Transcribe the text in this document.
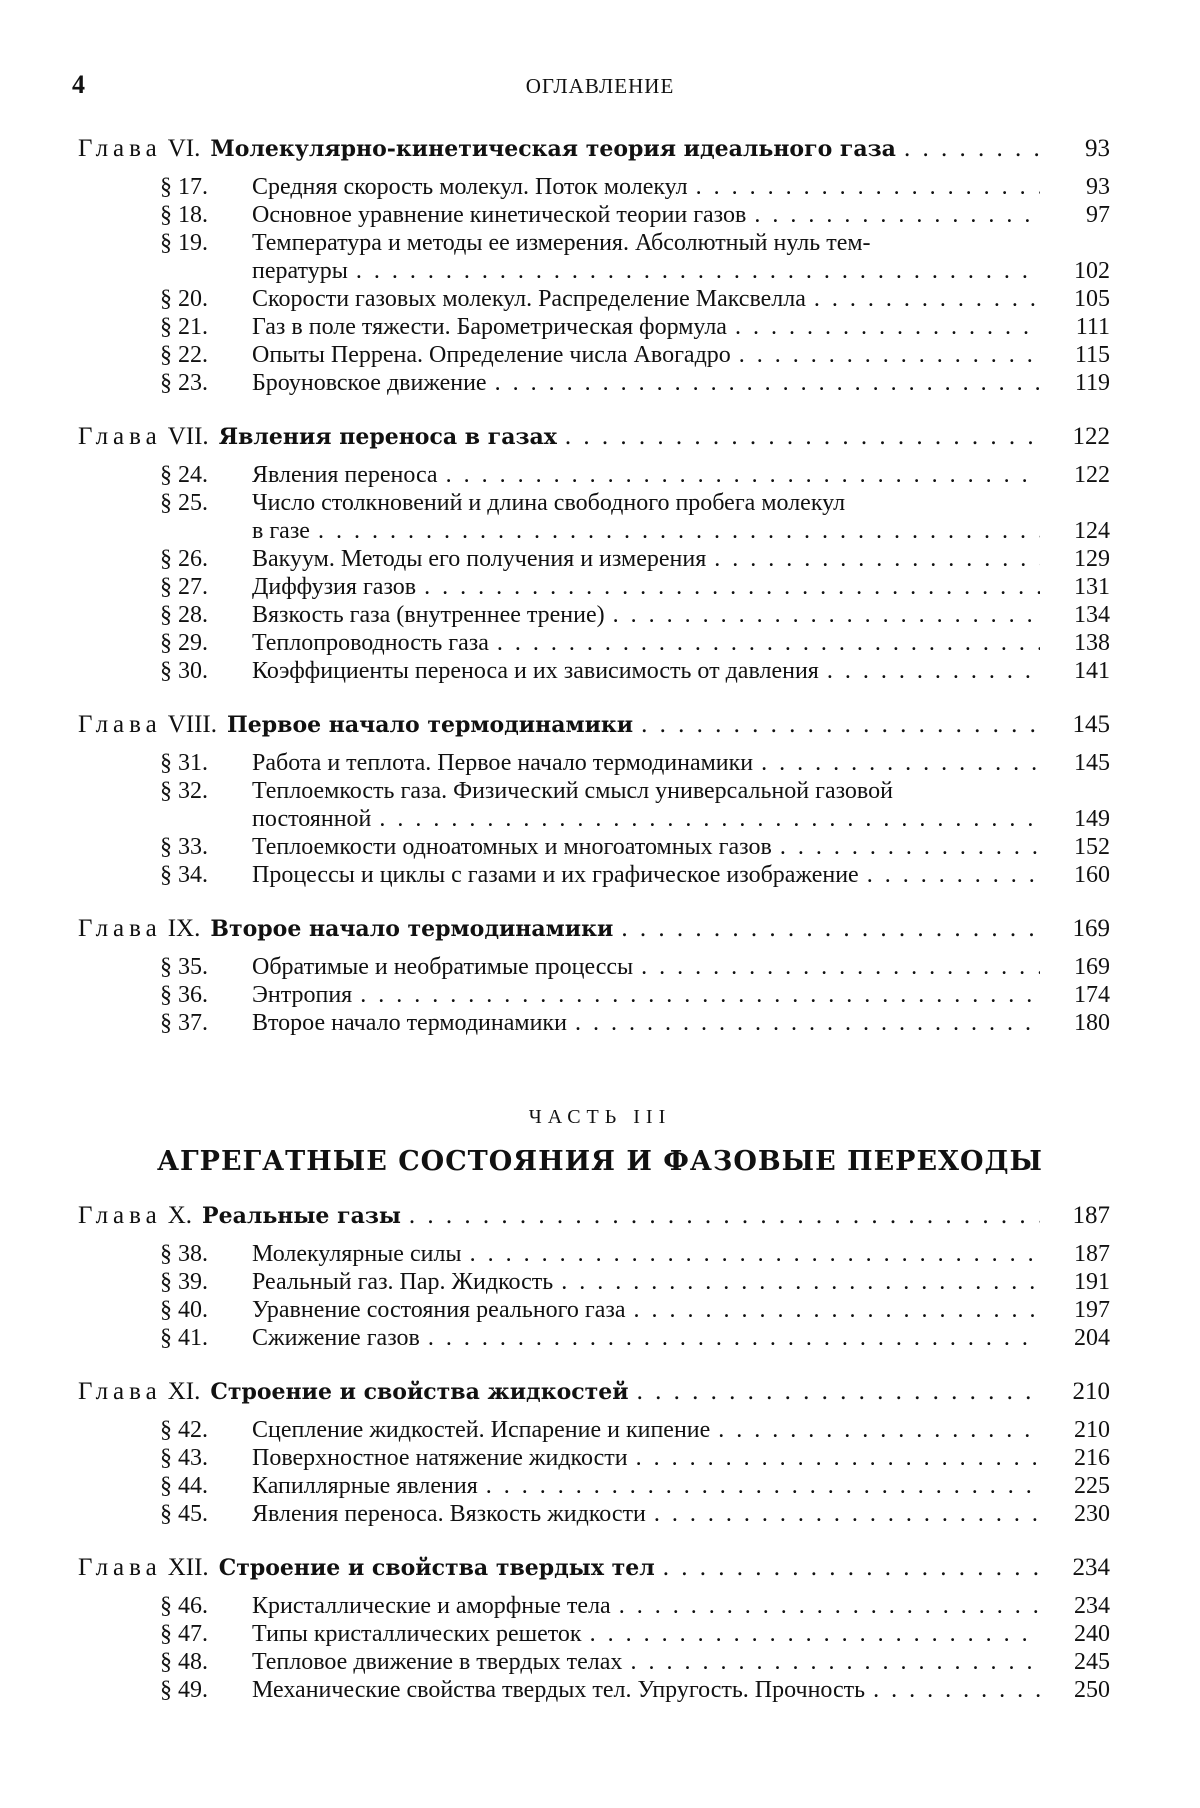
4	ОГЛАВЛЕНИЕ
Глава VI. Молекулярно-кинетическая теория идеального газа . . .	93
§ 17.	Средняя скорость молекул. Поток молекул . . .	93
§ 18.	Основное уравнение кинетической теории газов . . .	97
§ 19.	Температура и методы ее измерения. Абсолютный нуль тем-
пературы . . .	102
§ 20.	Скорости газовых молекул. Распределение Максвелла . . .	105
§ 21.	Газ в поле тяжести. Барометрическая формула . . .	111
§ 22.	Опыты Перрена. Определение числа Авогадро . . .	115
§ 23.	Броуновское движение . . .	119
Глава VII. Явления переноса в газах . . .	122
§ 24.	Явления переноса . . .	122
§ 25.	Число столкновений и длина свободного пробега молекул
в газе . . .	124
§ 26.	Вакуум. Методы его получения и измерения . . .	129
§ 27.	Диффузия газов . . .	131
§ 28.	Вязкость газа (внутреннее трение) . . .	134
§ 29.	Теплопроводность газа . . .	138
§ 30.	Коэффициенты переноса и их зависимость от давления . . .	141
Глава VIII. Первое начало термодинамики . . .	145
§ 31.	Работа и теплота. Первое начало термодинамики . . .	145
§ 32.	Теплоемкость газа. Физический смысл универсальной газовой
постоянной . . .	149
§ 33.	Теплоемкости одноатомных и многоатомных газов . . .	152
§ 34.	Процессы и циклы с газами и их графическое изображение . . .	160
Глава IX. Второе начало термодинамики . . .	169
§ 35.	Обратимые и необратимые процессы . . .	169
§ 36.	Энтропия . . .	174
§ 37.	Второе начало термодинамики . . .	180
ЧАСТЬ III
АГРЕГАТНЫЕ СОСТОЯНИЯ И ФАЗОВЫЕ ПЕРЕХОДЫ
Глава X. Реальные газы . . .	187
§ 38.	Молекулярные силы . . .	187
§ 39.	Реальный газ. Пар. Жидкость . . .	191
§ 40.	Уравнение состояния реального газа . . .	197
§ 41.	Сжижение газов . . .	204
Глава XI. Строение и свойства жидкостей . . .	210
§ 42.	Сцепление жидкостей. Испарение и кипение . . .	210
§ 43.	Поверхностное натяжение жидкости . . .	216
§ 44.	Капиллярные явления . . .	225
§ 45.	Явления переноса. Вязкость жидкости . . .	230
Глава XII. Строение и свойства твердых тел . . .	234
§ 46.	Кристаллические и аморфные тела . . .	234
§ 47.	Типы кристаллических решеток . . .	240
§ 48.	Тепловое движение в твердых телах . . .	245
§ 49.	Механические свойства твердых тел. Упругость. Прочность . . .	250
